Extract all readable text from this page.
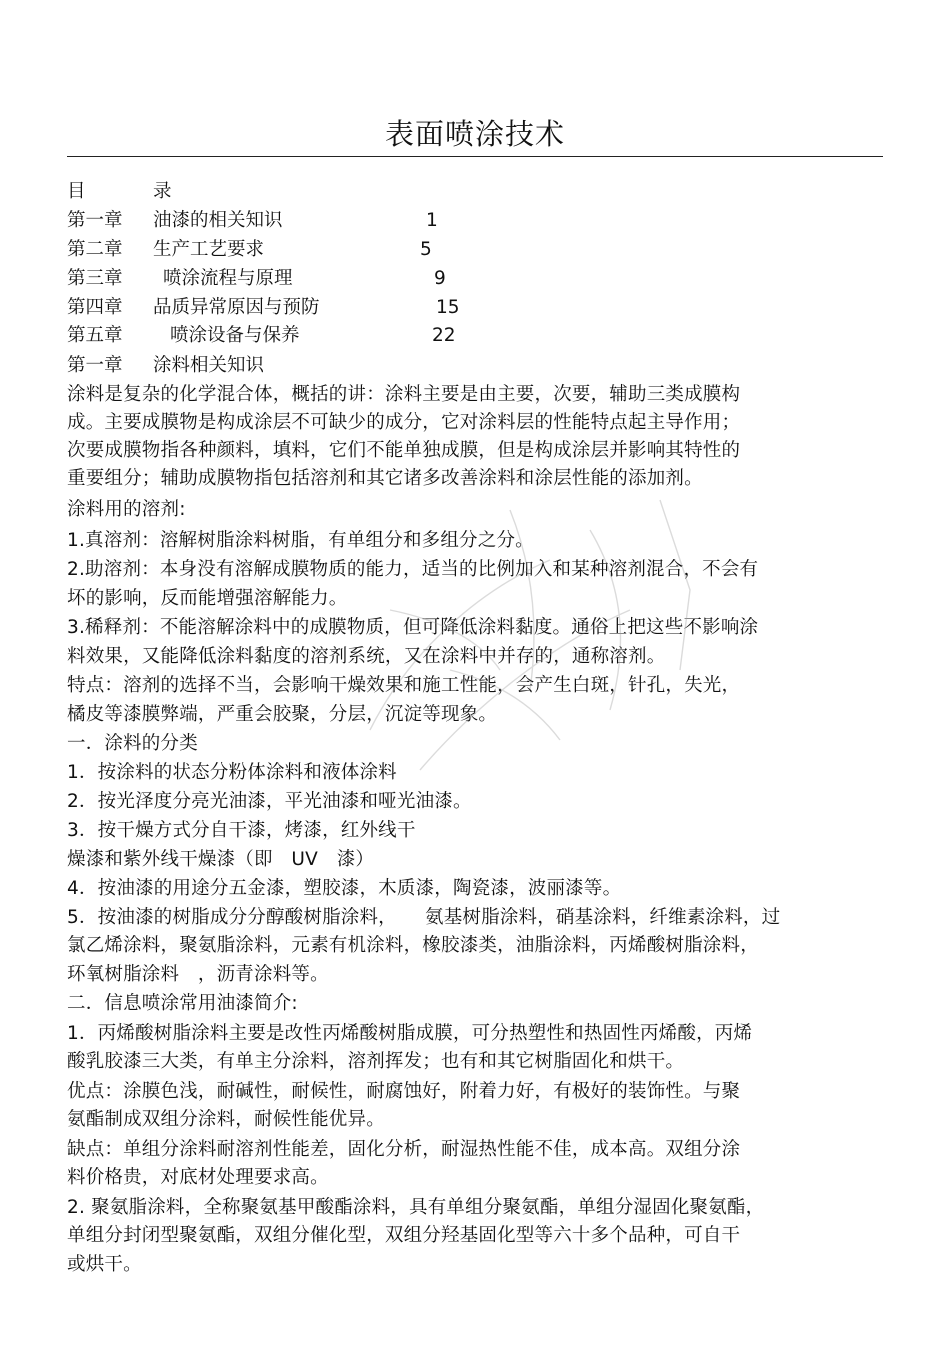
表面喷涂技术
目	录
第一章 油漆的相关知识	1
第二章 生产工艺要求	5
第三章 喷涂流程与原理	9
第四章 品质异常原因与预防	15
第五章	喷涂设备与保养	22
第一章 涂料相关知识
涂料是复杂的化学混合体，概括的讲：涂料主要是由主要，次要，辅助三类成膜构
成。主要成膜物是构成涂层不可缺少的成分，它对涂料层的性能特点起主导作用；
次要成膜物指各种颜料，填料，它们不能单独成膜，但是构成涂层并影响其特性的
重要组分；辅助成膜物指包括溶剂和其它诸多改善涂料和涂层性能的添加剂。
涂料用的溶剂:
1.真溶剂：溶解树脂涂料树脂，有单组分和多组分之分。
2.助溶剂：本身没有溶解成膜物质的能力，适当的比例加入和某种溶剂混合，不会有
坏的影响，反而能增强溶解能力。
3.稀释剂：不能溶解涂料中的成膜物质，但可降低涂料黏度。通俗上把这些不影响涂
料效果，又能降低涂料黏度的溶剂系统，又在涂料中并存的，通称溶剂。
特点：溶剂的选择不当，会影响干燥效果和施工性能，会产生白斑，针孔，失光，
橘皮等漆膜弊端，严重会胶聚，分层，沉淀等现象。
一．涂料的分类
1．按涂料的状态分粉体涂料和液体涂料
2．按光泽度分亮光油漆，平光油漆和哑光油漆。
3．按干燥方式分自干漆，烤漆，红外线干
燥漆和紫外线干燥漆（即　UV　漆）
4．按油漆的用途分五金漆，塑胶漆，木质漆，陶瓷漆，波丽漆等。
5．按油漆的树脂成分分醇酸树脂涂料，　　氨基树脂涂料，硝基涂料，纤维素涂料，过
氯乙烯涂料，聚氨脂涂料，元素有机涂料，橡胶漆类，油脂涂料，丙烯酸树脂涂料，
环氧树脂涂料　，沥青涂料等。
二．信息喷涂常用油漆简介:
1．丙烯酸树脂涂料主要是改性丙烯酸树脂成膜，可分热塑性和热固性丙烯酸，丙烯
酸乳胶漆三大类，有单主分涂料，溶剂挥发；也有和其它树脂固化和烘干。
优点：涂膜色浅，耐碱性，耐候性，耐腐蚀好，附着力好，有极好的装饰性。与聚
氨酯制成双组分涂料，耐候性能优异。
缺点：单组分涂料耐溶剂性能差，固化分析，耐湿热性能不佳，成本高。双组分涂
料价格贵，对底材处理要求高。
2. 聚氨脂涂料，全称聚氨基甲酸酯涂料，具有单组分聚氨酯，单组分湿固化聚氨酯，
单组分封闭型聚氨酯，双组分催化型，双组分羟基固化型等六十多个品种，可自干
或烘干。
